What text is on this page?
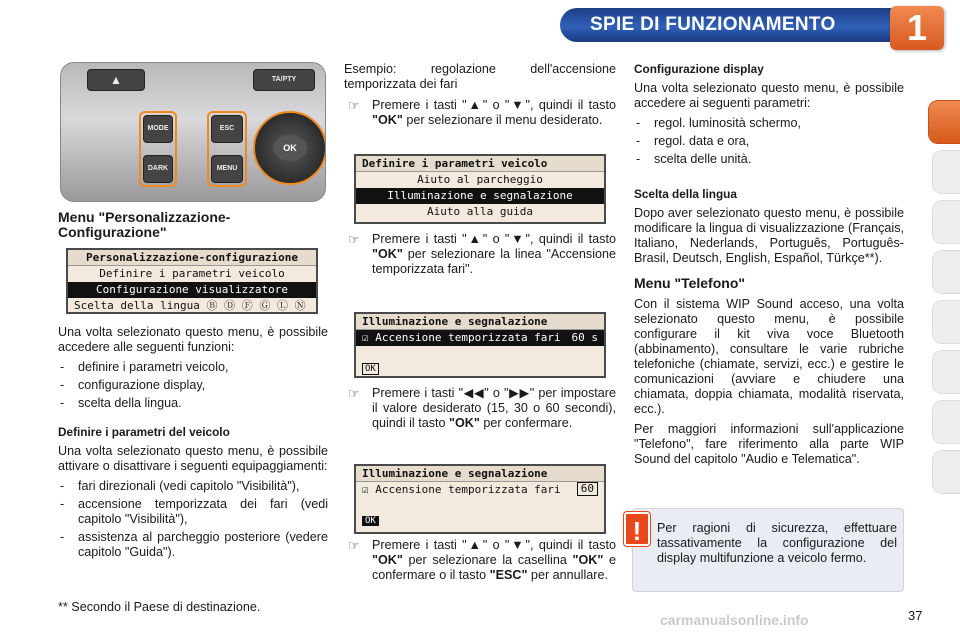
SPIE DI FUNZIONAMENTO	1
▲	TA/PTY
MODE
DARK
ESC
MENU
OK
Menu "Personalizzazione-Configurazione"
Personalizzazione-configurazione
Definire i parametri veicolo
Configurazione visualizzatore
Scelta della lingua Ⓑ Ⓓ Ⓕ Ⓖ Ⓛ Ⓝ

Una volta selezionato questo menu, è possibile accedere alle seguenti funzioni:

- definire i parametri veicolo,
- configurazione display,
- scelta della lingua.
Definire i parametri del veicolo

Una volta selezionato questo menu, è possibile attivare o disattivare i seguenti equipaggiamenti:

- fari direzionali (vedi capitolo "Visibilità"),
- accensione temporizzata dei fari (vedi capitolo "Visibilità"),
- assistenza al parcheggio posteriore (vedere capitolo "Guida").
** Secondo il Paese di destinazione.

Esempio: regolazione dell'accensione temporizzata dei fari

☞ Premere i tasti "▲" o "▼", quindi il tasto "OK" per selezionare il menu desiderato.
Definire i parametri veicolo
Aiuto al parcheggio
Illuminazione e segnalazione
Aiuto alla guida
☞ Premere i tasti "▲" o "▼", quindi il tasto "OK" per selezionare la linea "Accensione temporizzata fari".
Illuminazione e segnalazione
☑ Accensione temporizzata fari 60 s
OK
☞ Premere i tasti "◀◀" o "▶▶" per impostare il valore desiderato (15, 30 o 60 secondi), quindi il tasto "OK" per confermare.
Illuminazione e segnalazione
☑ Accensione temporizzata fari	60
OK
☞ Premere i tasti "▲" o "▼", quindi il tasto "OK" per selezionare la casellina "OK" e confermare o il tasto "ESC" per annullare.
Configurazione display

Una volta selezionato questo menu, è possibile accedere ai seguenti parametri:

- regol. luminosità schermo,
- regol. data e ora,
- scelta delle unità.
Scelta della lingua

Dopo aver selezionato questo menu, è possibile modificare la lingua di visualizzazione (Français, Italiano, Nederlands, Português, Português-Brasil, Deutsch, English, Español, Türkçe**).

Menu "Telefono"

Con il sistema WIP Sound acceso, una volta selezionato questo menu, è possibile configurare il kit viva voce Bluetooth (abbinamento), consultare le varie rubriche telefoniche (chiamate, servizi, ecc.) e gestire le comunicazioni (avviare e chiudere una chiamata, doppia chiamata, modalità riservata, ecc.).

Per maggiori informazioni sull'applicazione "Telefono", fare riferimento alla parte WIP Sound del capitolo "Audio e Telematica".

Per ragioni di sicurezza, effettuare tassativamente la configurazione del display multifunzione a veicolo fermo.
!
37
carmanualsonline.info
